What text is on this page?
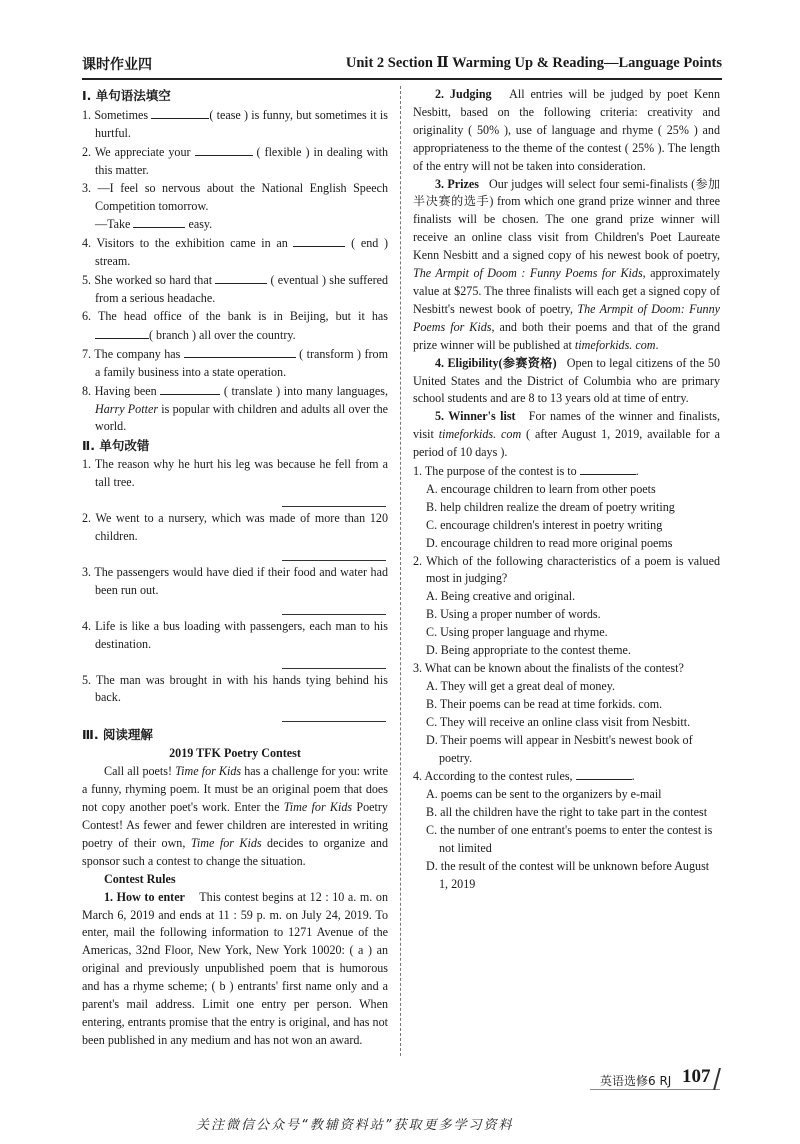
课时作业四	Unit 2 Section Ⅱ Warming Up & Reading—Language Points

Ⅰ. 单句语法填空

1. Sometimes	( tease ) is funny, but sometimes it is hurtful.

2. We appreciate your	( flexible ) in dealing with this matter.

3. —I feel so nervous about the National English Speech Competition tomorrow.
—Take	easy.

4. Visitors to the exhibition came in an	( end ) stream.

5. She worked so hard that	( eventual ) she suffered from a serious headache.

6. The head office of the bank is in Beijing, but it has ( branch ) all over the country.

7. The company has	( transform ) from a family business into a state operation.

8. Having been	( translate ) into many languages, Harry Potter is popular with children and adults all over the world.

Ⅱ. 单句改错

1. The reason why he hurt his leg was because he fell from a tall tree.

2. We went to a nursery, which was made of more than 120 children.

3. The passengers would have died if their food and water had been run out.

4. Life is like a bus loading with passengers, each man to his destination.

5. The man was brought in with his hands tying behind his back.

Ⅲ. 阅读理解

2019 TFK Poetry Contest

Call all poets! Time for Kids has a challenge for you: write a funny, rhyming poem. It must be an original poem that does not copy another poet's work. Enter the Time for Kids Poetry Contest! As fewer and fewer children are interested in writing poetry of their own, Time for Kids decides to organize and sponsor such a contest to change the situation.

Contest Rules

1. How to enter This contest begins at 12 : 10 a. m. on March 6, 2019 and ends at 11 : 59 p. m. on July 24, 2019. To enter, mail the following information to 1271 Avenue of the Americas, 32nd Floor, New York, New York 10020: ( a ) an original and previously unpublished poem that is humorous and has a rhyme scheme; ( b ) entrants' first name only and a parent's mail address. Limit one entry per person. When entering, entrants promise that the entry is original, and has not been published in any medium and has not won an award.

2. Judging All entries will be judged by poet Kenn Nesbitt, based on the following criteria: creativity and originality ( 50% ), use of language and rhyme ( 25% ) and appropriateness to the theme of the contest ( 25% ). The length of the entry will not be taken into consideration.

3. Prizes Our judges will select four semi-finalists (参加半决赛的选手) from which one grand prize winner and three finalists will be chosen. The one grand prize winner will receive an online class visit from Children's Poet Laureate Kenn Nesbitt and a signed copy of his newest book of poetry, The Armpit of Doom : Funny Poems for Kids, approximately value at $275. The three finalists will each get a signed copy of Nesbitt's newest book of poetry, The Armpit of Doom: Funny Poems for Kids, and both their poems and that of the grand prize winner will be published at timeforkids. com.

4. Eligibility(参赛资格) Open to legal citizens of the 50 United States and the District of Columbia who are primary school students and are 8 to 13 years old at time of entry.

5. Winner's list For names of the winner and finalists, visit timeforkids. com ( after August 1, 2019, available for a period of 10 days ).

1. The purpose of the contest is to	.

A. encourage children to learn from other poets

B. help children realize the dream of poetry writing

C. encourage children's interest in poetry writing

D. encourage children to read more original poems

2. Which of the following characteristics of a poem is valued most in judging?

A. Being creative and original.

B. Using a proper number of words.

C. Using proper language and rhyme.

D. Being appropriate to the contest theme.

3. What can be known about the finalists of the contest?

A. They will get a great deal of money.

B. Their poems can be read at time forkids. com.

C. They will receive an online class visit from Nesbitt.

D. Their poems will appear in Nesbitt's newest book of poetry.

4. According to the contest rules,	.

A. poems can be sent to the organizers by e-mail

B. all the children have the right to take part in the contest

C. the number of one entrant's poems to enter the contest is not limited

D. the result of the contest will be unknown before August 1, 2019

英语选修6 RJ 107
关注微信公众号“教辅资料站”获取更多学习资料
